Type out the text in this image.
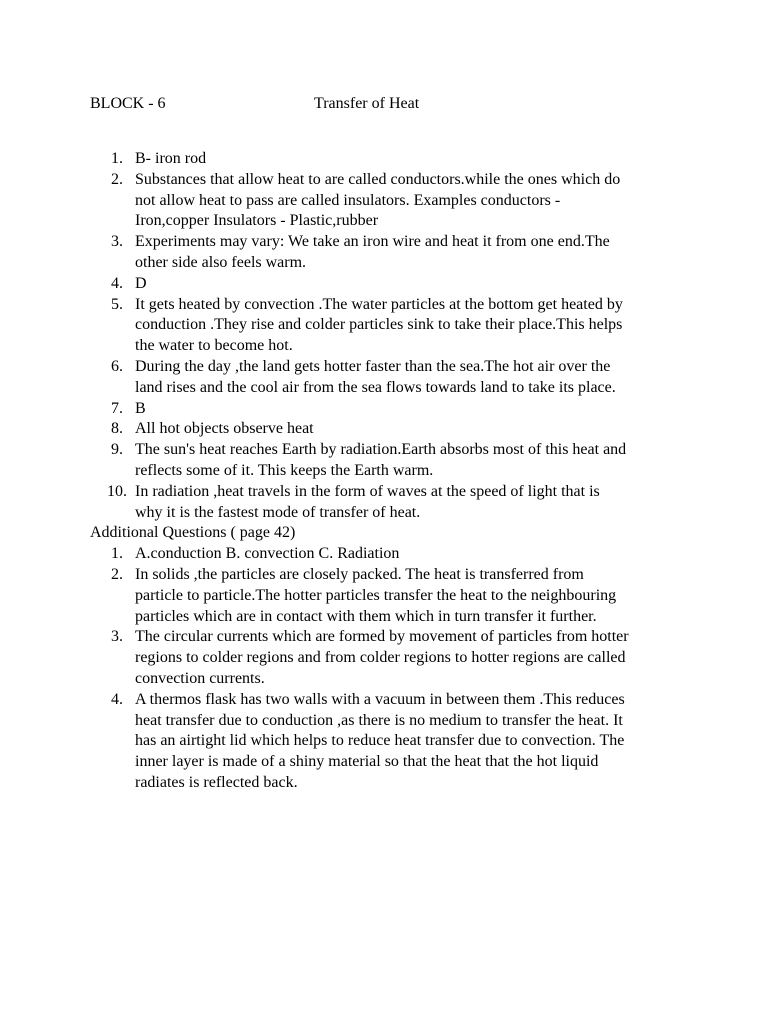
BLOCK - 6	Transfer of Heat
1. B- iron rod
2. Substances that allow heat to are called conductors.while the ones which do
not allow heat to pass are called insulators. Examples conductors -
Iron,copper Insulators - Plastic,rubber
3. Experiments may vary: We take an iron wire and heat it from one end.The
other side also feels warm.
4. D
5. It gets heated by convection .The water particles at the bottom get heated by
conduction .They rise and colder particles sink to take their place.This helps
the water to become hot.
6. During the day ,the land gets hotter faster than the sea.The hot air over the
land rises and the cool air from the sea flows towards land to take its place.
7. B
8. All hot objects observe heat
9. The sun's heat reaches Earth by radiation.Earth absorbs most of this heat and
reflects some of it. This keeps the Earth warm.
10. In radiation ,heat travels in the form of waves at the speed of light that is
why it is the fastest mode of transfer of heat.
Additional Questions ( page 42)
1. A.conduction B. convection C. Radiation
2. In solids ,the particles are closely packed. The heat is transferred from
particle to particle.The hotter particles transfer the heat to the neighbouring
particles which are in contact with them which in turn transfer it further.
3. The circular currents which are formed by movement of particles from hotter
regions to colder regions and from colder regions to hotter regions are called
convection currents.
4. A thermos flask has two walls with a vacuum in between them .This reduces
heat transfer due to conduction ,as there is no medium to transfer the heat. It
has an airtight lid which helps to reduce heat transfer due to convection. The
inner layer is made of a shiny material so that the heat that the hot liquid
radiates is reflected back.
